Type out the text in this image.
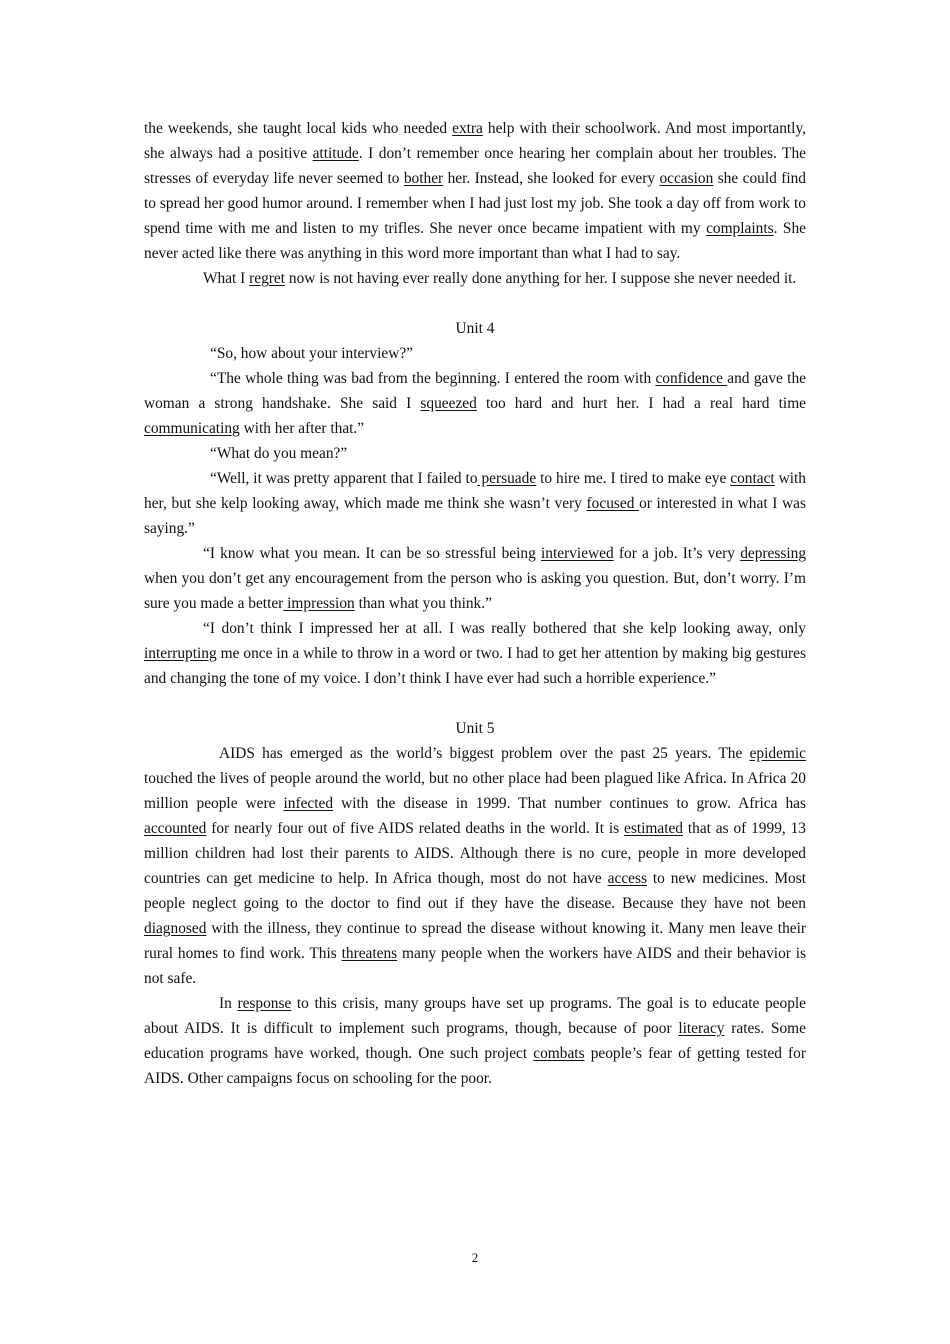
the weekends, she taught local kids who needed extra help with their schoolwork. And most importantly, she always had a positive attitude. I don’t remember once hearing her complain about her troubles. The stresses of everyday life never seemed to bother her. Instead, she looked for every occasion she could find to spread her good humor around. I remember when I had just lost my job. She took a day off from work to spend time with me and listen to my trifles. She never once became impatient with my complaints. She never acted like there was anything in this word more important than what I had to say.

What I regret now is not having ever really done anything for her. I suppose she never needed it.

Unit 4

“So, how about your interview?”

“The whole thing was bad from the beginning. I entered the room with confidence and gave the woman a strong handshake. She said I squeezed too hard and hurt her. I had a real hard time communicating with her after that.”

“What do you mean?”

“Well, it was pretty apparent that I failed to persuade to hire me. I tired to make eye contact with her, but she kelp looking away, which made me think she wasn’t very focused or interested in what I was saying.”

“I know what you mean. It can be so stressful being interviewed for a job. It’s very depressing when you don’t get any encouragement from the person who is asking you question. But, don’t worry. I’m sure you made a better impression than what you think.”

“I don’t think I impressed her at all. I was really bothered that she kelp looking away, only interrupting me once in a while to throw in a word or two. I had to get her attention by making big gestures and changing the tone of my voice. I don’t think I have ever had such a horrible experience.”

Unit 5

AIDS has emerged as the world’s biggest problem over the past 25 years. The epidemic touched the lives of people around the world, but no other place had been plagued like Africa. In Africa 20 million people were infected with the disease in 1999. That number continues to grow. Africa has accounted for nearly four out of five AIDS related deaths in the world. It is estimated that as of 1999, 13 million children had lost their parents to AIDS. Although there is no cure, people in more developed countries can get medicine to help. In Africa though, most do not have access to new medicines. Most people neglect going to the doctor to find out if they have the disease. Because they have not been diagnosed with the illness, they continue to spread the disease without knowing it. Many men leave their rural homes to find work. This threatens many people when the workers have AIDS and their behavior is not safe.

In response to this crisis, many groups have set up programs. The goal is to educate people about AIDS. It is difficult to implement such programs, though, because of poor literacy rates. Some education programs have worked, though. One such project combats people’s fear of getting tested for AIDS. Other campaigns focus on schooling for the poor.

2
